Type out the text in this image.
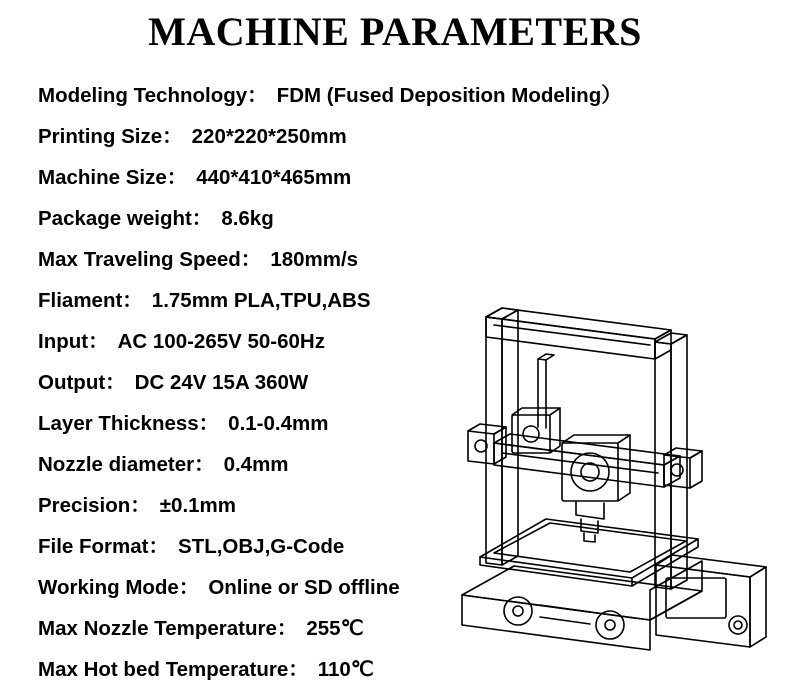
MACHINE PARAMETERS
Modeling Technology： FDM (Fused Deposition Modeling）
Printing Size： 220*220*250mm
Machine Size： 440*410*465mm
Package weight： 8.6kg
Max Traveling Speed： 180mm/s
Fliament： 1.75mm PLA,TPU,ABS
Input： AC 100-265V 50-60Hz
Output： DC 24V 15A 360W
Layer Thickness： 0.1-0.4mm
Nozzle diameter： 0.4mm
Precision： ±0.1mm
File Format： STL,OBJ,G-Code
Working Mode： Online or SD offline
Max Nozzle Temperature： 255℃
Max Hot bed Temperature： 110℃
